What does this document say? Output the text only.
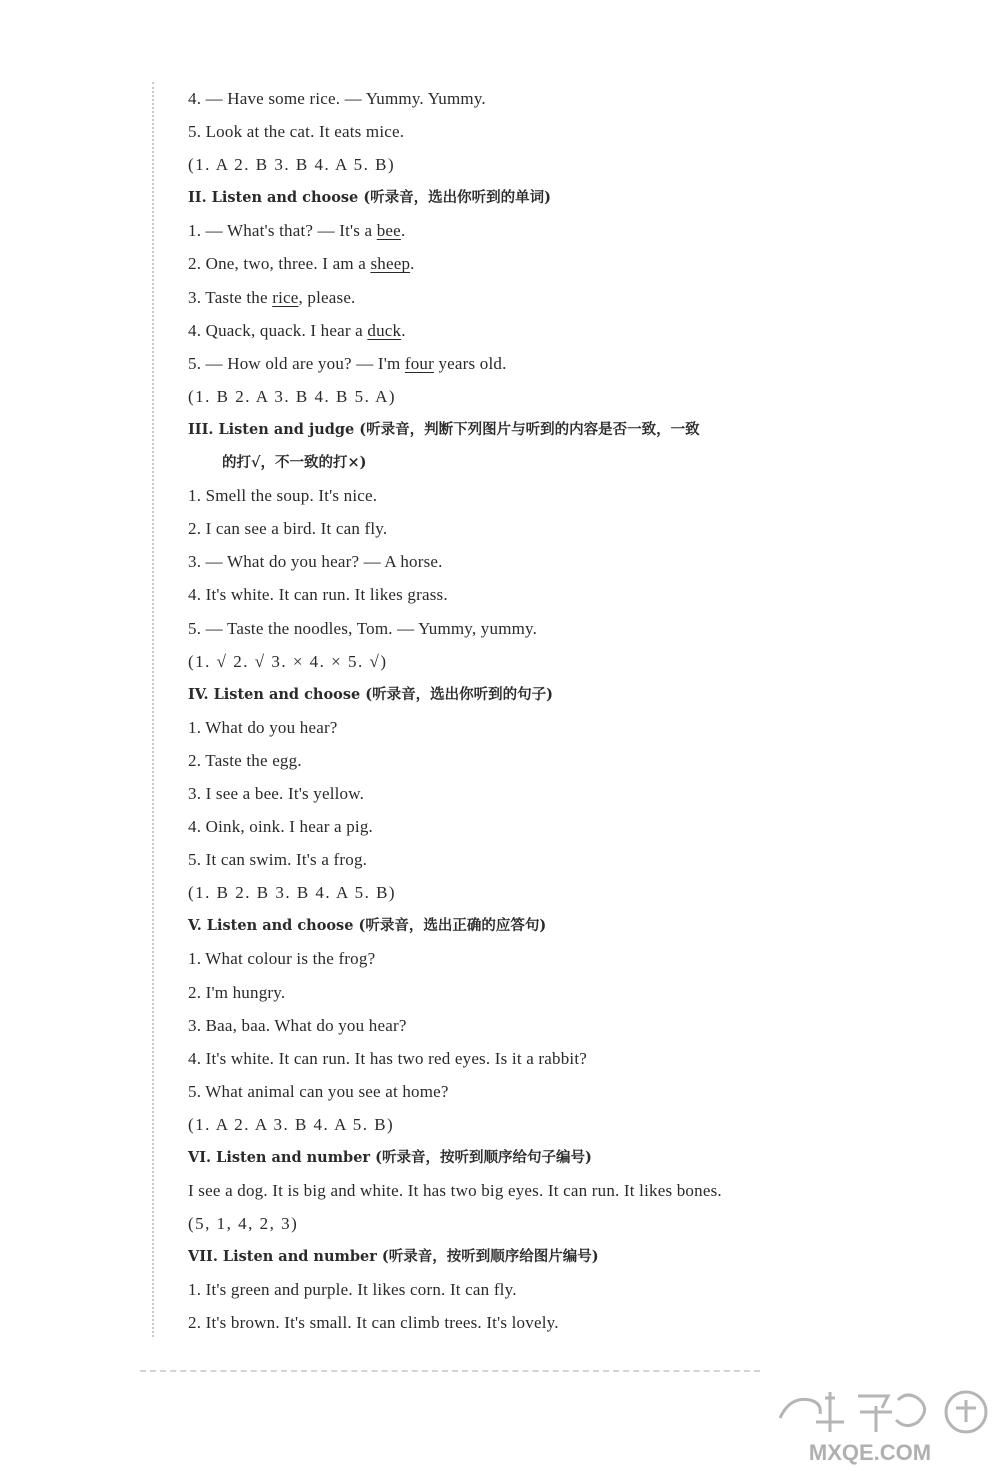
4. — Have some rice. — Yummy. Yummy.
5. Look at the cat. It eats mice.
(1. A 2. B 3. B 4. A 5. B)
II. Listen and choose (听录音，选出你听到的单词)
1. — What's that? — It's a bee.
2. One, two, three. I am a sheep.
3. Taste the rice, please.
4. Quack, quack. I hear a duck.
5. — How old are you? — I'm four years old.
(1. B 2. A 3. B 4. B 5. A)
III. Listen and judge (听录音，判断下列图片与听到的内容是否一致，一致
的打√，不一致的打×)
1. Smell the soup. It's nice.
2. I can see a bird. It can fly.
3. — What do you hear? — A horse.
4. It's white. It can run. It likes grass.
5. — Taste the noodles, Tom. — Yummy, yummy.
(1. √ 2. √ 3. × 4. × 5. √)
IV. Listen and choose (听录音，选出你听到的句子)
1. What do you hear?
2. Taste the egg.
3. I see a bee. It's yellow.
4. Oink, oink. I hear a pig.
5. It can swim. It's a frog.
(1. B 2. B 3. B 4. A 5. B)
V. Listen and choose (听录音，选出正确的应答句)
1. What colour is the frog?
2. I'm hungry.
3. Baa, baa. What do you hear?
4. It's white. It can run. It has two red eyes. Is it a rabbit?
5. What animal can you see at home?
(1. A 2. A 3. B 4. A 5. B)
VI. Listen and number (听录音，按听到顺序给句子编号)
I see a dog. It is big and white. It has two big eyes. It can run. It likes bones.
(5, 1, 4, 2, 3)
VII. Listen and number (听录音，按听到顺序给图片编号)
1. It's green and purple. It likes corn. It can fly.
2. It's brown. It's small. It can climb trees. It's lovely.
MXQE.COM
